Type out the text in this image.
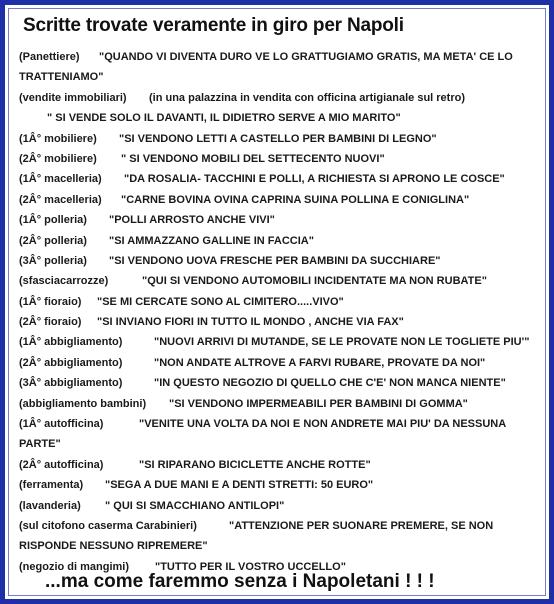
Scritte trovate veramente in giro per Napoli
(Panettiere) "QUANDO VI DIVENTA DURO VE LO GRATTUGIAMO GRATIS, MA META' CE LO
TRATTENIAMO"
(vendite immobiliari) (in una palazzina in vendita con officina artigianale sul retro)
" SI VENDE SOLO IL DAVANTI, IL DIDIETRO SERVE A MIO MARITO"
(1Â° mobiliere) "SI VENDONO LETTI A CASTELLO PER BAMBINI DI LEGNO"
(2Â° mobiliere) " SI VENDONO MOBILI DEL SETTECENTO NUOVI"
(1Â° macelleria) "DA ROSALIA- TACCHINI E POLLI, A RICHIESTA SI APRONO LE COSCE"
(2Â° macelleria) "CARNE BOVINA OVINA CAPRINA SUINA POLLINA E CONIGLINA"
(1Â° polleria) "POLLI ARROSTO ANCHE VIVI"
(2Â° polleria) "SI AMMAZZANO GALLINE IN FACCIA"
(3Â° polleria) "SI VENDONO UOVA FRESCHE PER BAMBINI DA SUCCHIARE"
(sfasciacarrozze)	"QUI SI VENDONO AUTOMOBILI INCIDENTATE MA NON RUBATE"
(1Â° fioraio) "SE MI CERCATE SONO AL CIMITERO.....VIVO"
(2Â° fioraio) "SI INVIANO FIORI IN TUTTO IL MONDO , ANCHE VIA FAX"
(1Â° abbigliamento)	"NUOVI ARRIVI DI MUTANDE, SE LE PROVATE NON LE TOGLIETE PIU'"
(2Â° abbigliamento)	"NON ANDATE ALTROVE A FARVI RUBARE, PROVATE DA NOI"
(3Â° abbigliamento)	"IN QUESTO NEGOZIO DI QUELLO CHE C'E' NON MANCA NIENTE"
(abbigliamento bambini) "SI VENDONO IMPERMEABILI PER BAMBINI DI GOMMA"
(1Â° autofficina)	"VENITE UNA VOLTA DA NOI E NON ANDRETE MAI PIU' DA NESSUNA
PARTE"
(2Â° autofficina)	"SI RIPARANO BICICLETTE ANCHE ROTTE"
(ferramenta) "SEGA A DUE MANI E A DENTI STRETTI: 50 EURO"
(lavanderia) " QUI SI SMACCHIANO ANTILOPI"
(sul citofono caserma Carabinieri)	"ATTENZIONE PER SUONARE PREMERE, SE NON
RISPONDE NESSUNO RIPREMERE"
(negozio di mangimi) "TUTTO PER IL VOSTRO UCCELLO"
...ma come faremmo senza i Napoletani ! ! !
